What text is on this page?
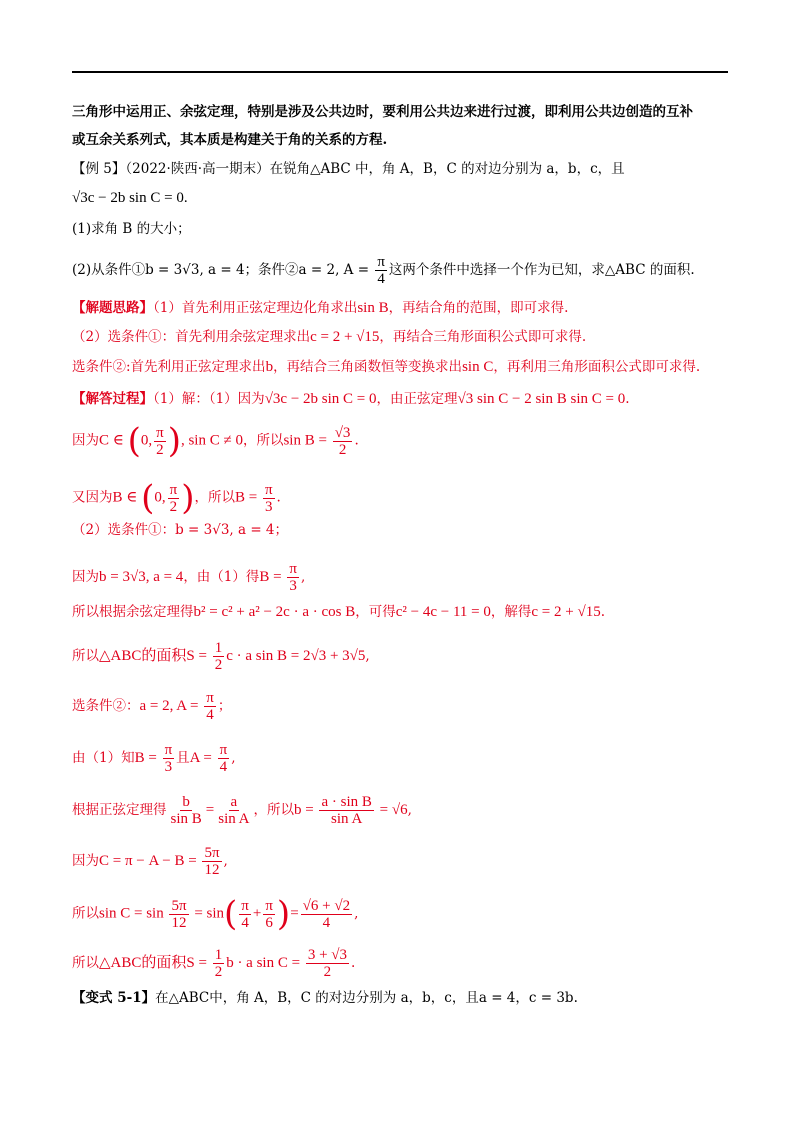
三角形中运用正、余弦定理，特别是涉及公共边时，要利用公共边来进行过渡，即利用公共边创造的互补
或互余关系列式，其本质是构建关于角的关系的方程.
【例 5】（2022·陕西·高一期末）在锐角△ABC 中，角 A，B，C 的对边分别为 a，b，c，且
√3c − 2b sin C = 0.
(1)求角 B 的大小；
(2)从条件①b = 3√3, a = 4；条件②a = 2, $A = \frac{\pi}{4}$ 这两个条件中选择一个作为已知，求△ABC 的面积.
【解题思路】（1）首先利用正弦定理边化角求出sin B，再结合角的范围，即可求得.
（2）选条件①：首先利用余弦定理求出c = 2 + √15，再结合三角形面积公式即可求得.
选条件②:首先利用正弦定理求出b，再结合三角函数恒等变换求出sin C，再利用三角形面积公式即可求得.
【解答过程】（1）解：（1）因为√3c − 2b sin C = 0，由正弦定理√3 sin C − 2 sin B sin C = 0.
因为C ∈ (0, $\frac{\pi}{2}$ ), sin C ≠ 0，所以$\sin B = \frac{√3}{2}$ .
又因为B ∈ (0, $\frac{\pi}{2}$ )，所以$B = \frac{\pi}{3}$ .
（2）选条件①：b = 3√3, a = 4；
因为b = 3√3, a = 4，由（1）得$B = \frac{\pi}{3}$ ,
所以根据余弦定理得b² = c² + a² − 2c · a · cos B，可得c² − 4c − 11 = 0，解得c = 2 + √15.
所以△ABC的面积$S = \frac{1}{2}$ c · a sin B = 2√3 + 3√5,
选条件②：a = 2, $A = \frac{\pi}{4}$ ；
由（1）知$B = \frac{\pi}{3}$ 且$A = \frac{\pi}{4}$ ,
根据正弦定理得 $\frac{b}{\text{sin B}} = \frac{a}{\text{sin A}}$ ，所以$b = \frac{\text{a · sin B}}{\text{sin A}} = √6$,
因为$C = \pi - A - B = \frac{5\pi}{12}$ ,
所以$\sin C = \sin \frac{5\pi}{12} = \sin( \frac{\pi}{4} + \frac{\pi}{6}$ )= $\frac{√6 + √2}{4}$ ,
所以△ABC的面积$S = \frac{1}{2}$ b · a $\sin C = \frac{3 + √3}{2}$ .
【变式 5-1】在△ABC中，角 A，B，C 的对边分别为 a，b，c，且a = 4，c = 3b.
